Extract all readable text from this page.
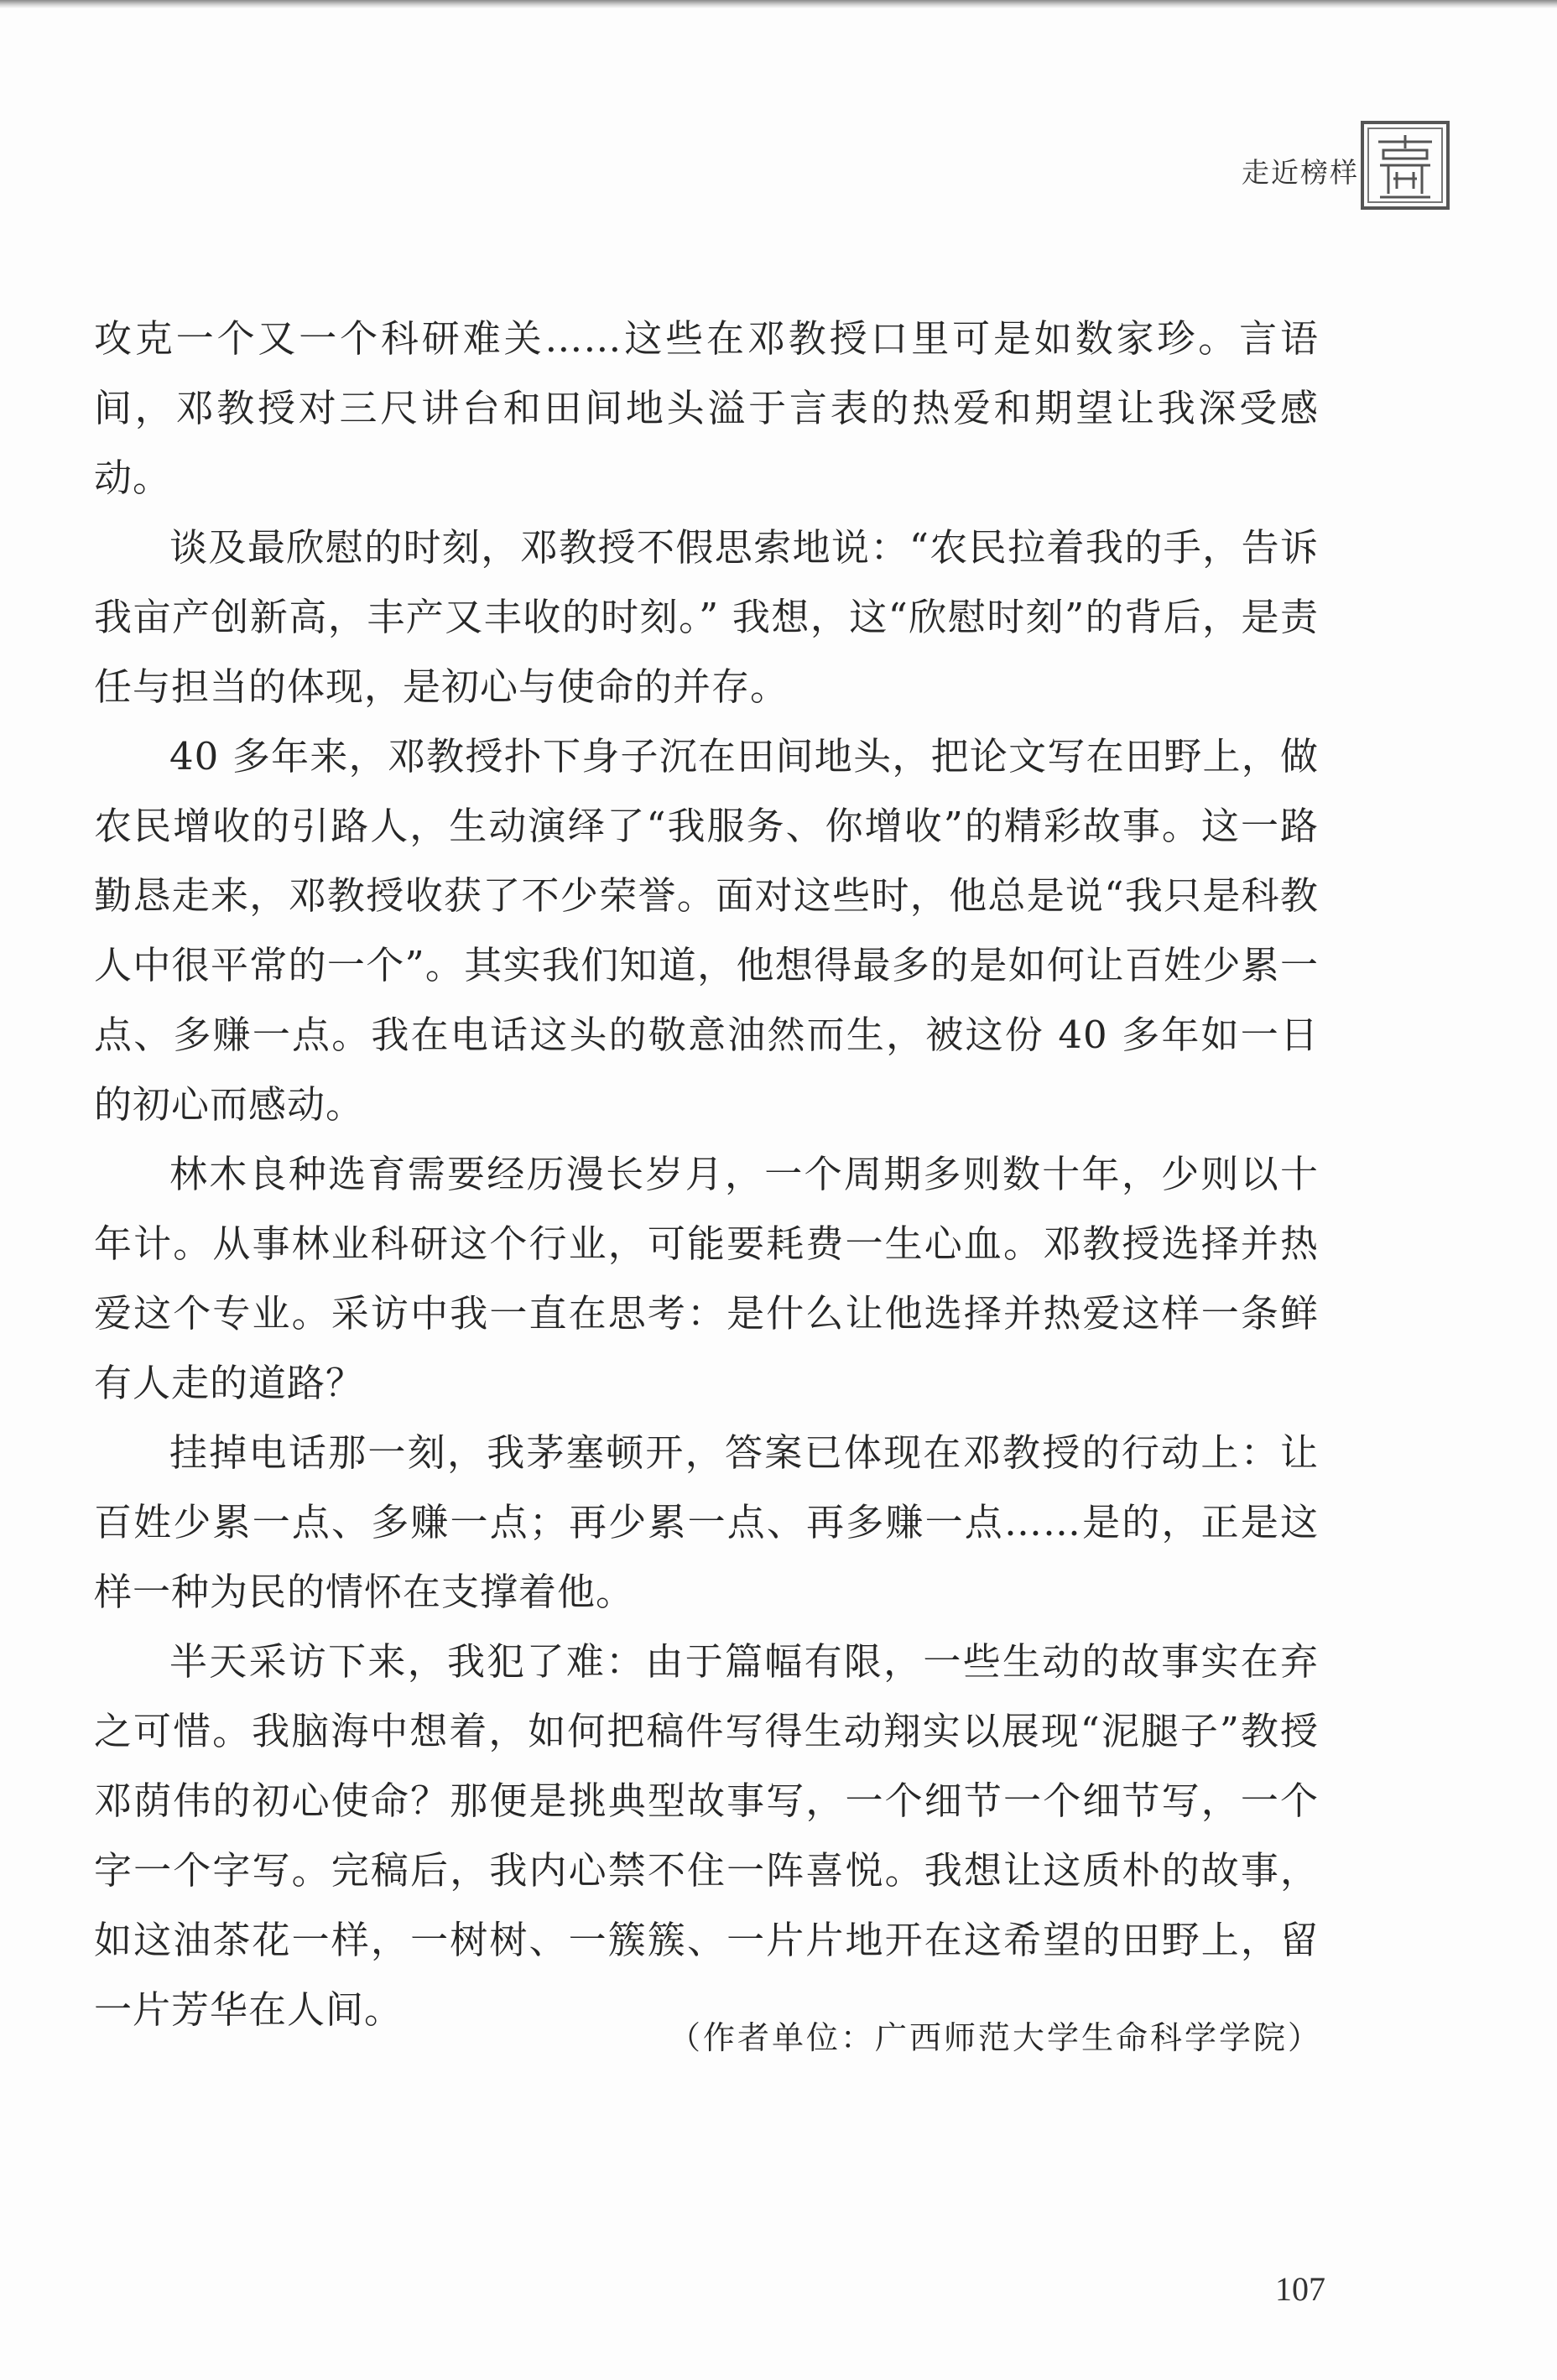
走近榜样

攻克一个又一个科研难关……这些在邓教授口里可是如数家珍。言语间，邓教授对三尺讲台和田间地头溢于言表的热爱和期望让我深受感动。

谈及最欣慰的时刻，邓教授不假思索地说：“农民拉着我的手，告诉我亩产创新高，丰产又丰收的时刻。” 我想，这“欣慰时刻”的背后，是责任与担当的体现，是初心与使命的并存。

40 多年来，邓教授扑下身子沉在田间地头，把论文写在田野上，做农民增收的引路人，生动演绎了“我服务、你增收”的精彩故事。这一路勤恳走来，邓教授收获了不少荣誉。面对这些时，他总是说“我只是科教人中很平常的一个”。其实我们知道，他想得最多的是如何让百姓少累一点、多赚一点。我在电话这头的敬意油然而生，被这份 40 多年如一日的初心而感动。

林木良种选育需要经历漫长岁月，一个周期多则数十年，少则以十年计。从事林业科研这个行业，可能要耗费一生心血。邓教授选择并热爱这个专业。采访中我一直在思考：是什么让他选择并热爱这样一条鲜有人走的道路？

挂掉电话那一刻，我茅塞顿开，答案已体现在邓教授的行动上：让百姓少累一点、多赚一点；再少累一点、再多赚一点……是的，正是这样一种为民的情怀在支撑着他。

半天采访下来，我犯了难：由于篇幅有限，一些生动的故事实在弃之可惜。我脑海中想着，如何把稿件写得生动翔实以展现“泥腿子”教授邓荫伟的初心使命？那便是挑典型故事写，一个细节一个细节写，一个字一个字写。完稿后，我内心禁不住一阵喜悦。我想让这质朴的故事，如这油茶花一样，一树树、一簇簇、一片片地开在这希望的田野上，留一片芳华在人间。

（作者单位：广西师范大学生命科学学院）
107
